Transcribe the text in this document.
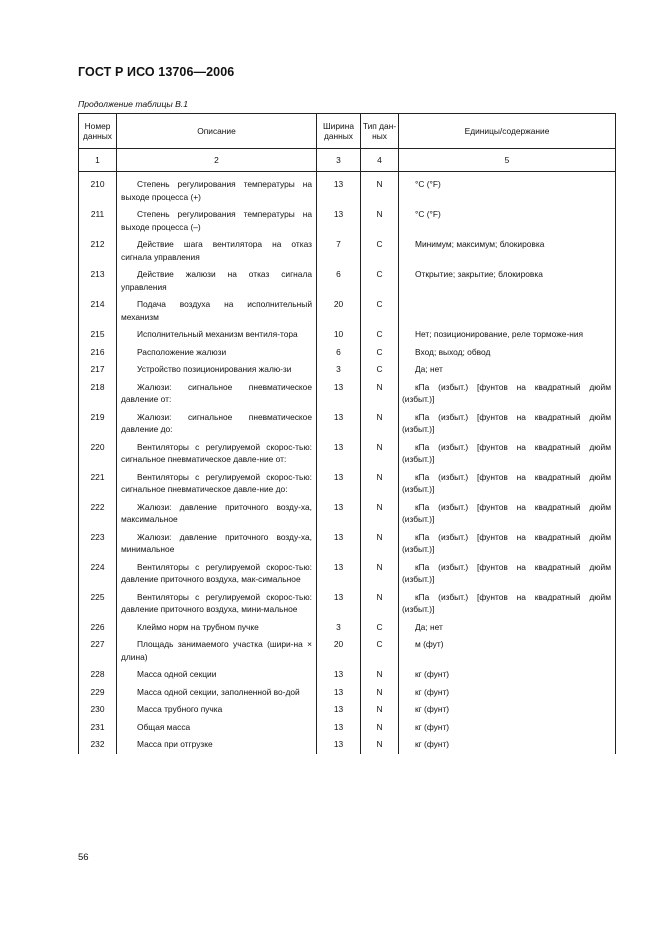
ГОСТ Р ИСО 13706—2006
Продолжение таблицы В.1
Номер данных	Описание	Ширина данных	Тип дан-ных	Единицы/содержание
1	2	3	4	5
210	Степень регулирования температуры на выходе процесса (+)	13	N	°C (°F)
211	Степень регулирования температуры на выходе процесса (–)	13	N	°C (°F)
212	Действие шага вентилятора на отказ сигнала управления	7	C	Минимум; максимум; блокировка
213	Действие жалюзи на отказ сигнала управления	6	C	Открытие; закрытие; блокировка
214	Подача воздуха на исполнительный механизм	20	C	
215	Исполнительный механизм вентиля-тора	10	C	Нет; позиционирование, реле торможе-ния
216	Расположение жалюзи	6	C	Вход; выход; обвод
217	Устройство позиционирования жалю-зи	3	C	Да; нет
218	Жалюзи: сигнальное пневматическое давление от:	13	N	кПа (избыт.) [фунтов на квадратный дюйм (избыт.)]
219	Жалюзи: сигнальное пневматическое давление до:	13	N	кПа (избыт.) [фунтов на квадратный дюйм (избыт.)]
220	Вентиляторы с регулируемой скорос-тью: сигнальное пневматическое давле-ние от:	13	N	кПа (избыт.) [фунтов на квадратный дюйм (избыт.)]
221	Вентиляторы с регулируемой скорос-тью: сигнальное пневматическое давле-ние до:	13	N	кПа (избыт.) [фунтов на квадратный дюйм (избыт.)]
222	Жалюзи: давление приточного возду-ха, максимальное	13	N	кПа (избыт.) [фунтов на квадратный дюйм (избыт.)]
223	Жалюзи: давление приточного возду-ха, минимальное	13	N	кПа (избыт.) [фунтов на квадратный дюйм (избыт.)]
224	Вентиляторы с регулируемой скорос-тью: давление приточного воздуха, мак-симальное	13	N	кПа (избыт.) [фунтов на квадратный дюйм (избыт.)]
225	Вентиляторы с регулируемой скорос-тью: давление приточного воздуха, мини-мальное	13	N	кПа (избыт.) [фунтов на квадратный дюйм (избыт.)]
226	Клеймо норм на трубном пучке	3	C	Да; нет
227	Площадь занимаемого участка (шири-на × длина)	20	C	м (фут)
228	Масса одной секции	13	N	кг (фунт)
229	Масса одной секции, заполненной во-дой	13	N	кг (фунт)
230	Масса трубного пучка	13	N	кг (фунт)
231	Общая масса	13	N	кг (фунт)
232	Масса при отгрузке	13	N	кг (фунт)
56
